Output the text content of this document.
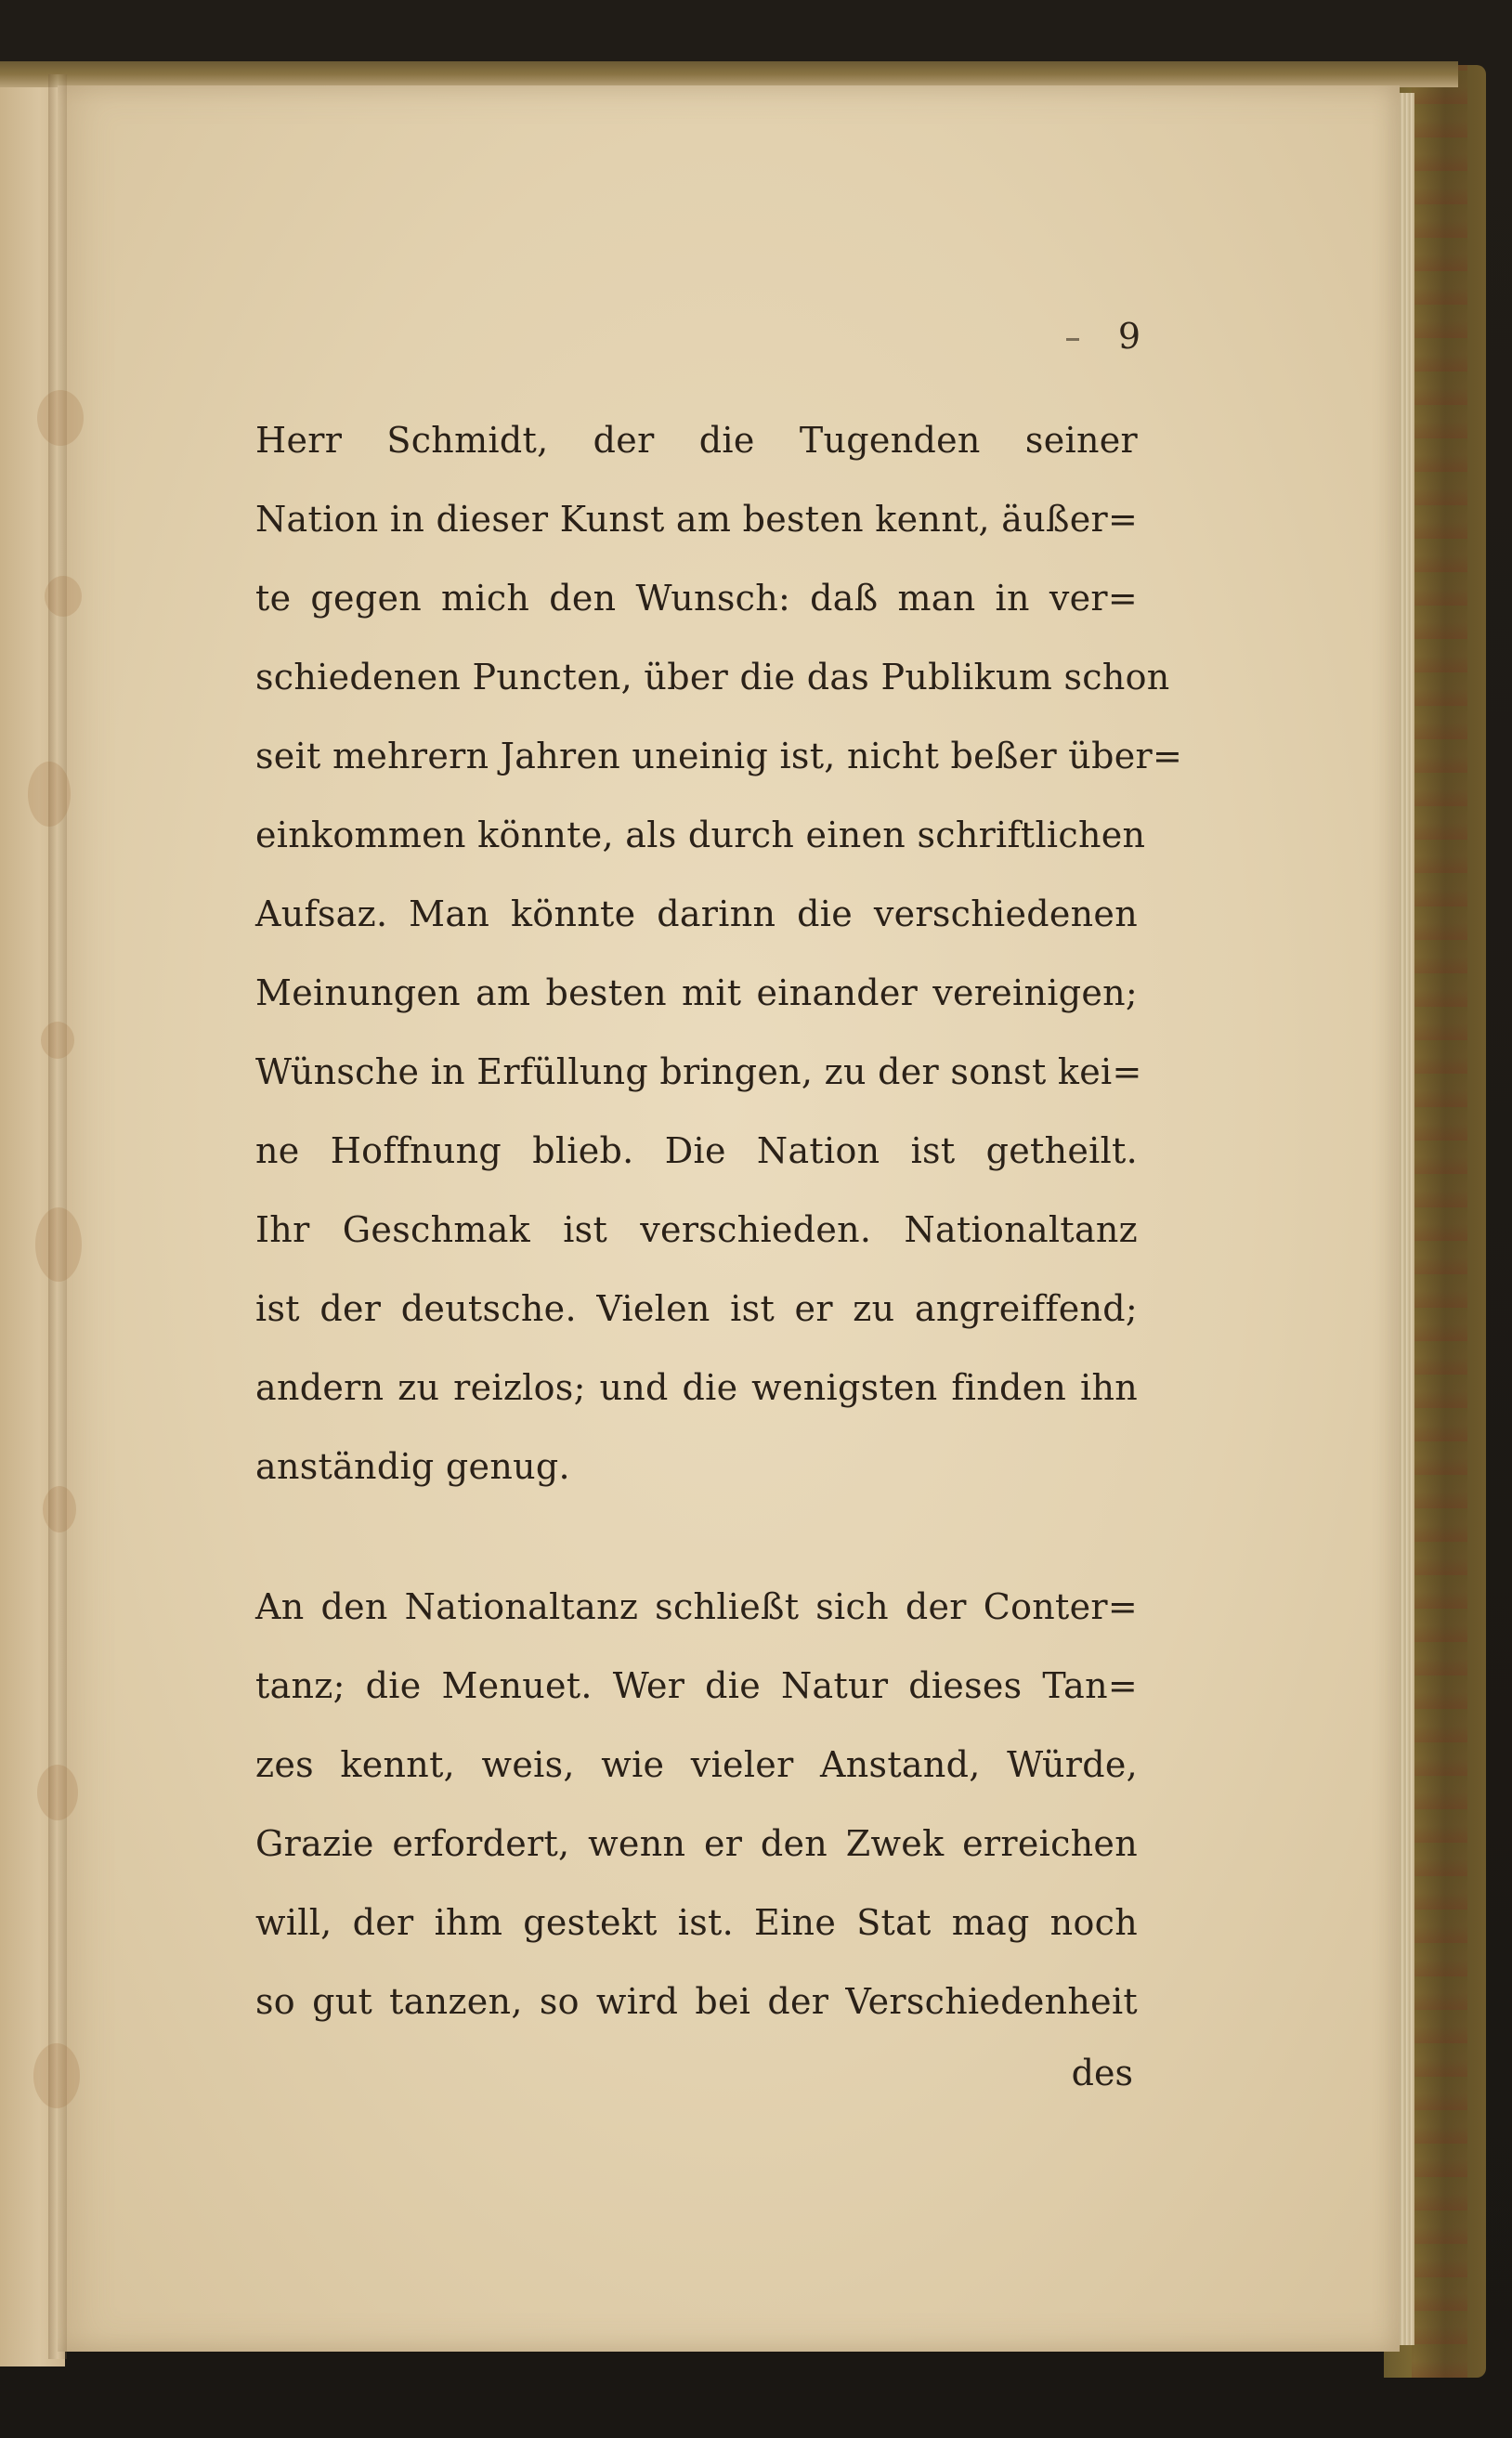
9
Herr Schmidt, der die Tugenden seiner
Nation in dieser Kunst am besten kennt, äußer=
te gegen mich den Wunsch: daß man in ver=
schiedenen Puncten, über die das Publikum schon
seit mehrern Jahren uneinig ist, nicht beßer über=
einkommen könnte, als durch einen schriftlichen
Aufsaz. Man könnte darinn die verschiedenen
Meinungen am besten mit einander vereinigen;
Wünsche in Erfüllung bringen, zu der sonst kei=
ne Hoffnung blieb. Die Nation ist getheilt.
Ihr Geschmak ist verschieden. Nationaltanz
ist der deutsche. Vielen ist er zu angreiffend;
andern zu reizlos; und die wenigsten finden ihn
anständig genug.
An den Nationaltanz schließt sich der Conter=
tanz; die Menuet. Wer die Natur dieses Tan=
zes kennt, weis, wie vieler Anstand, Würde,
Grazie erfordert, wenn er den Zwek erreichen
will, der ihm gestekt ist. Eine Stat mag noch
so gut tanzen, so wird bei der Verschiedenheit
des
